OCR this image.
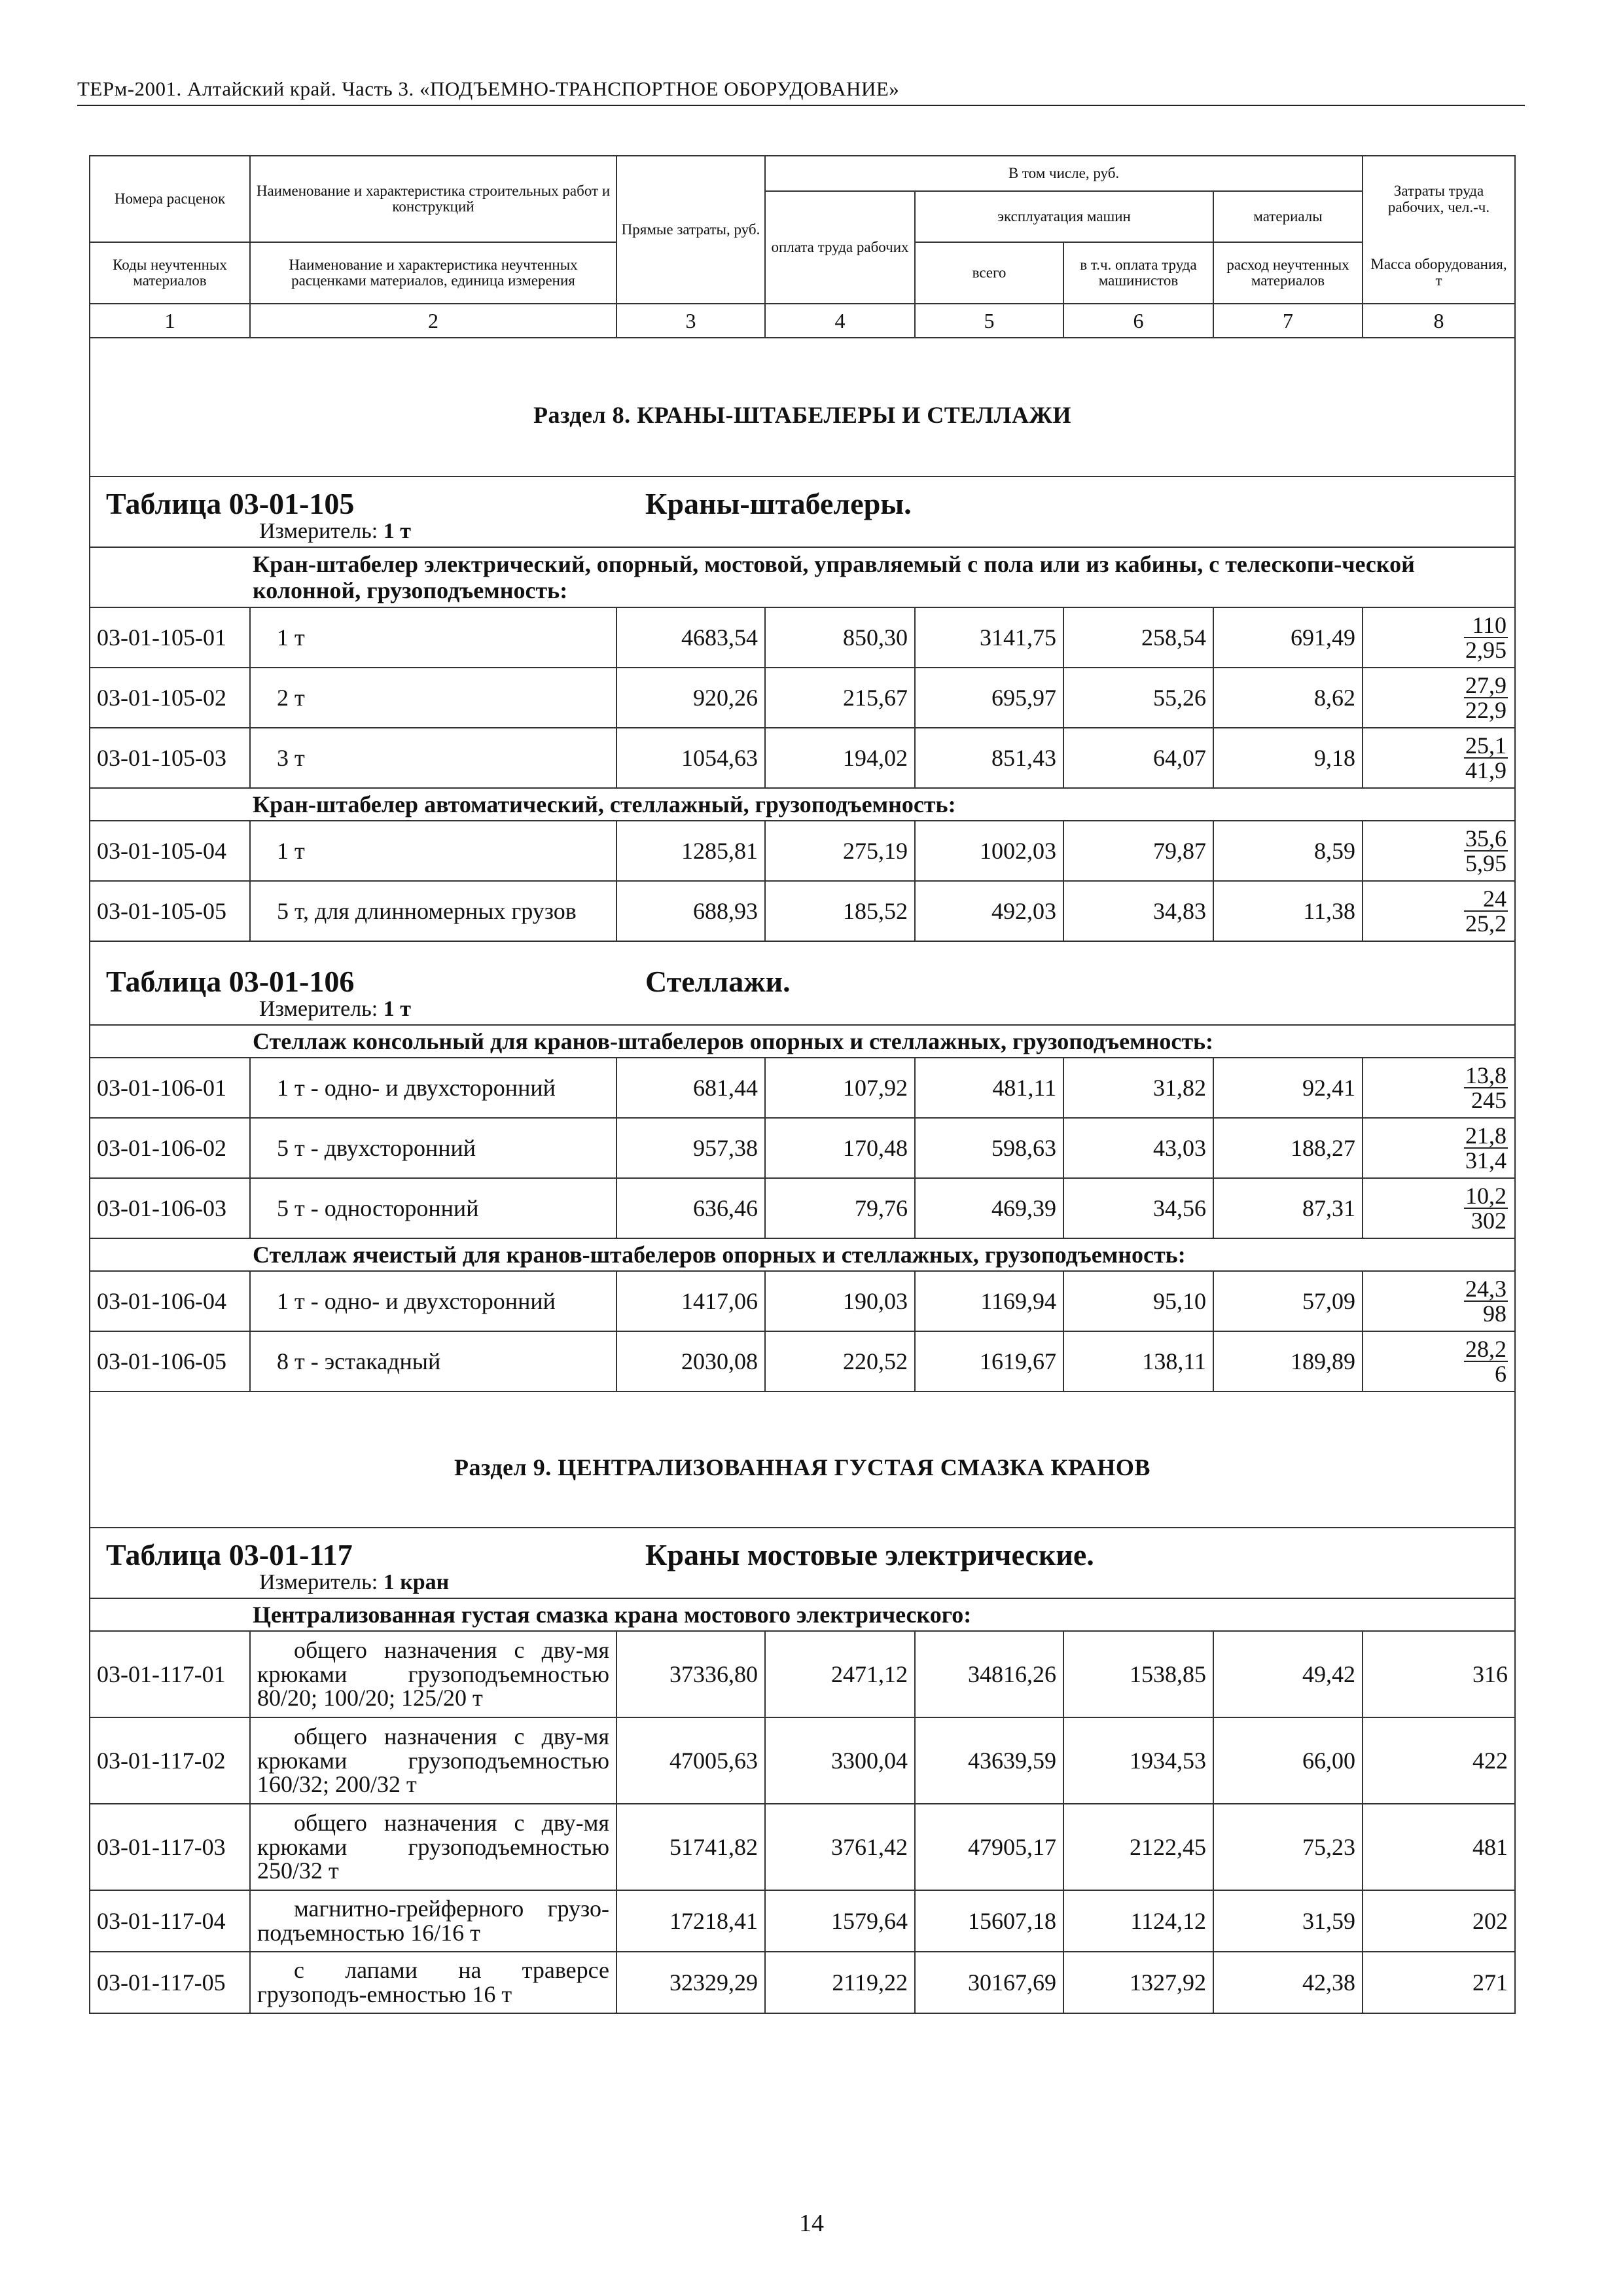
ТЕРм-2001. Алтайский край. Часть 3. «ПОДЪЕМНО-ТРАНСПОРТНОЕ ОБОРУДОВАНИЕ»
Номера расценок	Наименование и характеристика строительных работ и конструкций	Прямые затраты, руб.	В том числе, руб.				Затраты труда рабочих, чел.-ч.
			оплата труда рабочих	эксплуатация машин		материалы	
Коды неучтенных материалов	Наименование и характеристика неучтенных расценками материалов, единица измерения			всего	в т.ч. оплата труда машинистов	расход неучтенных материалов	Масса оборудования, т
1	2	3	4	5	6	7	8
Раздел 8. КРАНЫ-ШТАБЕЛЕРЫ И СТЕЛЛАЖИ							

Таблица 03-01-105 Краны-штабелеры.
Измеритель: 1 т							

Кран-штабелер электрический, опорный, мостовой, управляемый с пола или из кабины, с телескопи-ческой колонной, грузоподъемность:							
03-01-105-01	1 т	4683,54	850,30	3141,75	258,54	691,49	$\frac{110}{2,95}$

03-01-105-02	2 т	920,26	215,67	695,97	55,26	8,62	$\frac{27,9}{22,9}$

03-01-105-03	3 т	1054,63	194,02	851,43	64,07	9,18	$\frac{25,1}{41,9}$

Кран-штабелер автоматический, стеллажный, грузоподъемность:							
03-01-105-04	1 т	1285,81	275,19	1002,03	79,87	8,59	$\frac{35,6}{5,95}$

03-01-105-05	5 т, для длинномерных грузов	688,93	185,52	492,03	34,83	11,38	$\frac{24}{25,2}$

Таблица 03-01-106 Стеллажи.
Измеритель: 1 т							

Стеллаж консольный для кранов-штабелеров опорных и стеллажных, грузоподъемность:							
03-01-106-01	1 т - одно- и двухсторонний	681,44	107,92	481,11	31,82	92,41	$\frac{13,8}{245}$

03-01-106-02	5 т - двухсторонний	957,38	170,48	598,63	43,03	188,27	$\frac{21,8}{31,4}$

03-01-106-03	5 т - односторонний	636,46	79,76	469,39	34,56	87,31	$\frac{10,2}{302}$

Стеллаж ячеистый для кранов-штабелеров опорных и стеллажных, грузоподъемность:							
03-01-106-04	1 т - одно- и двухсторонний	1417,06	190,03	1169,94	95,10	57,09	$\frac{24,3}{98}$

03-01-106-05	8 т - эстакадный	2030,08	220,52	1619,67	138,11	189,89	$\frac{28,2}{6}$

Раздел 9. ЦЕНТРАЛИЗОВАННАЯ ГУСТАЯ СМАЗКА КРАНОВ							

Таблица 03-01-117 Краны мостовые электрические.
Измеритель: 1 кран							

Централизованная густая смазка крана мостового электрического:							
03-01-117-01	общего назначения с дву-мя крюками грузоподъемностью 80/20; 100/20; 125/20 т	37336,80	2471,12	34816,26	1538,85	49,42	316
03-01-117-02	общего назначения с дву-мя крюками грузоподъемностью 160/32; 200/32 т	47005,63	3300,04	43639,59	1934,53	66,00	422
03-01-117-03	общего назначения с дву-мя крюками грузоподъемностью 250/32 т	51741,82	3761,42	47905,17	2122,45	75,23	481
03-01-117-04	магнитно-грейферного грузо-подъемностью 16/16 т	17218,41	1579,64	15607,18	1124,12	31,59	202
03-01-117-05	с лапами на траверсе грузоподъ-емностью 16 т	32329,29	2119,22	30167,69	1327,92	42,38	271
14
